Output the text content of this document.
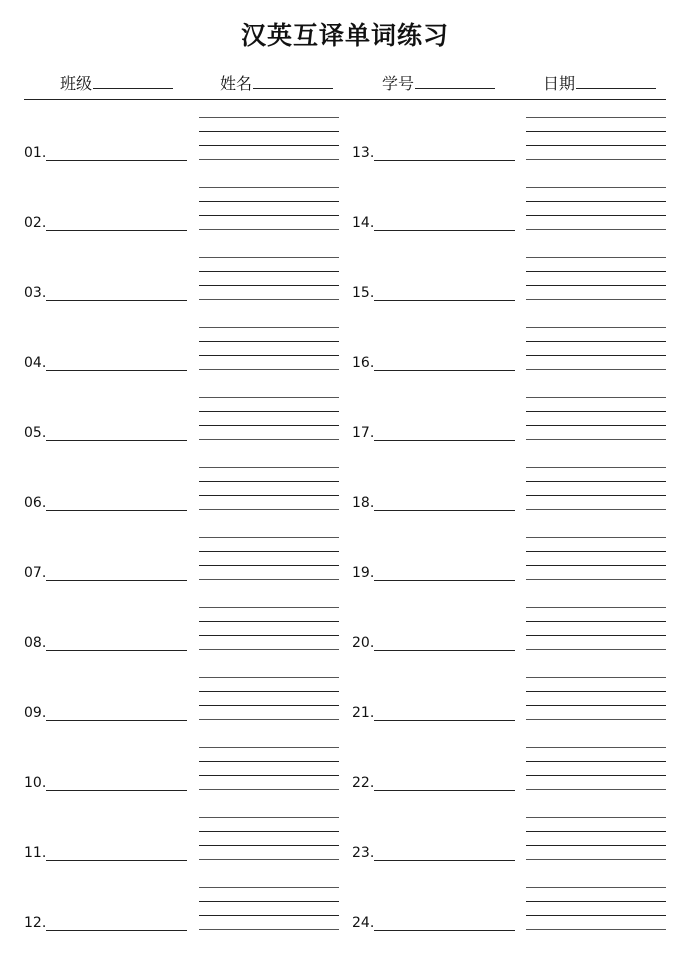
汉英互译单词练习
班级	姓名	学号	日期
01.
02.
03.
04.
05.
06.
07.
08.
09.
10.
11.
12.
13.
14.
15.
16.
17.
18.
19.
20.
21.
22.
23.
24.
